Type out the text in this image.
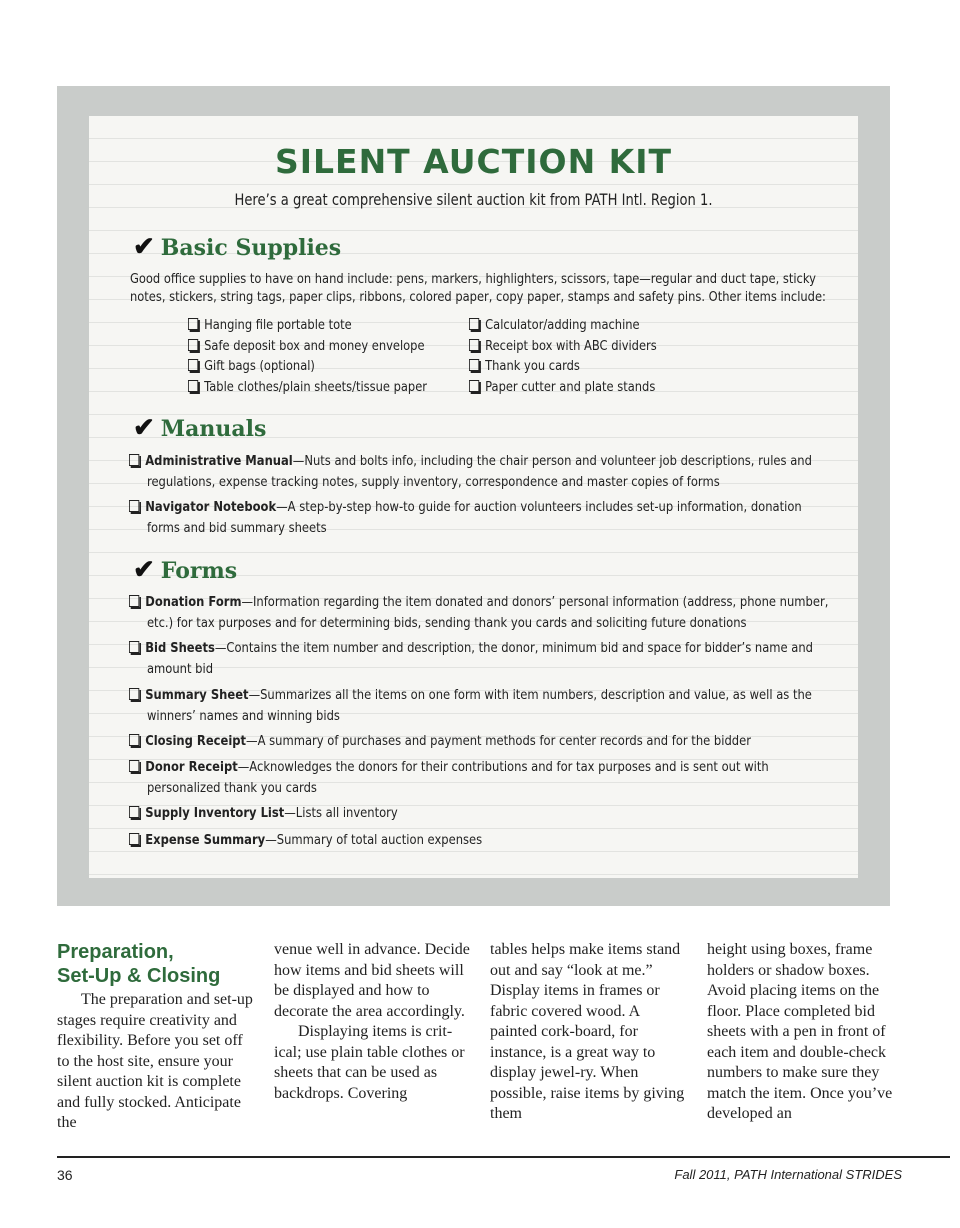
SILENT AUCTION KIT
Here’s a great comprehensive silent auction kit from PATH Intl. Region 1.
✔ Basic Supplies
Good office supplies to have on hand include: pens, markers, highlighters, scissors, tape—regular and duct tape, sticky notes, stickers, string tags, paper clips, ribbons, colored paper, copy paper, stamps and safety pins. Other items include:
Hanging file portable tote
Safe deposit box and money envelope
Gift bags (optional)
Table clothes/plain sheets/tissue paper
Calculator/adding machine
Receipt box with ABC dividers
Thank you cards
Paper cutter and plate stands
✔ Manuals
Administrative Manual—Nuts and bolts info, including the chair person and volunteer job descriptions, rules and
regulations, expense tracking notes, supply inventory, correspondence and master copies of forms
Navigator Notebook—A step-by-step how-to guide for auction volunteers includes set-up information, donation
forms and bid summary sheets
✔ Forms
Donation Form—Information regarding the item donated and donors’ personal information (address, phone number,
etc.) for tax purposes and for determining bids, sending thank you cards and soliciting future donations
Bid Sheets—Contains the item number and description, the donor, minimum bid and space for bidder’s name and
amount bid
Summary Sheet—Summarizes all the items on one form with item numbers, description and value, as well as the
winners’ names and winning bids
Closing Receipt—A summary of purchases and payment methods for center records and for the bidder
Donor Receipt—Acknowledges the donors for their contributions and for tax purposes and is sent out with
personalized thank you cards
Supply Inventory List—Lists all inventory
Expense Summary—Summary of total auction expenses
Preparation,
Set-Up & Closing

The preparation and set-up stages require creativity and flexibility. Before you set off to the host site, ensure your silent auction kit is complete and fully stocked. Anticipate the

venue well in advance. Decide how items and bid sheets will be displayed and how to decorate the area accordingly.

Displaying items is crit-ical; use plain table clothes or sheets that can be used as backdrops. Covering

tables helps make items stand out and say “look at me.” Display items in frames or fabric covered wood. A painted cork-board, for instance, is a great way to display jewel-ry. When possible, raise items by giving them

height using boxes, frame holders or shadow boxes. Avoid placing items on the floor. Place completed bid sheets with a pen in front of each item and double-check numbers to make sure they match the item. Once you’ve developed an

36	Fall 2011, PATH International STRIDES
